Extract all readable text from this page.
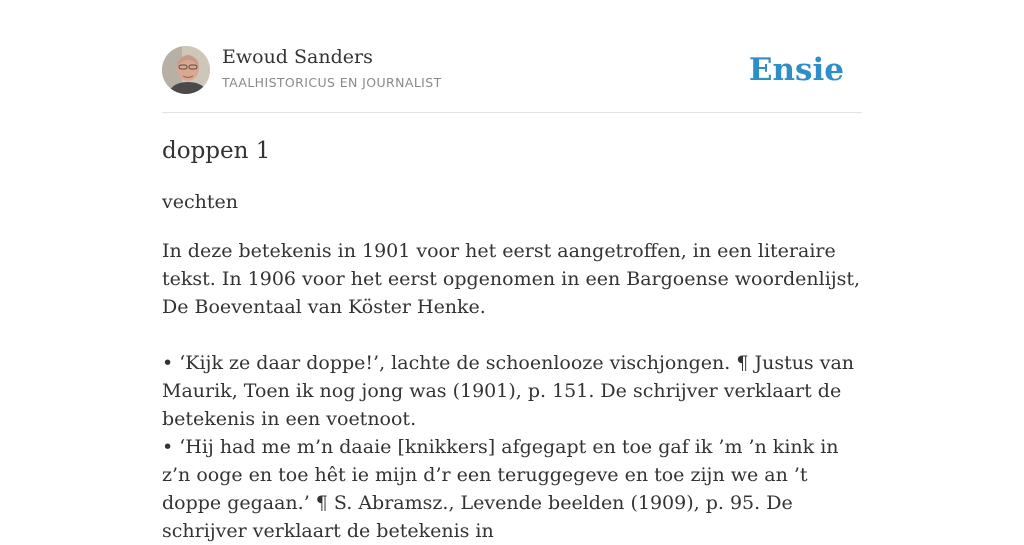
Ewoud Sanders
TAALHISTORICUS EN JOURNALIST	Ensie
doppen 1
vechten

In deze betekenis in 1901 voor het eerst aangetroffen, in een literaire tekst. In 1906 voor het eerst opgenomen in een Bargoense woordenlijst, De Boeventaal van Köster Henke.

• ‘Kijk ze daar doppe!’, lachte de schoenlooze vischjongen. ¶ Justus van Maurik, Toen ik nog jong was (1901), p. 151. De schrijver verklaart de betekenis in een voetnoot.

• ‘Hij had me m’n daaie [knikkers] afgegapt en toe gaf ik ’m ’n kink in z’n ooge en toe hêt ie mijn d’r een teruggegeve en toe zijn we an ’t doppe gegaan.’ ¶ S. Abramsz., Levende beelden (1909), p. 95. De schrijver verklaart de betekenis in
